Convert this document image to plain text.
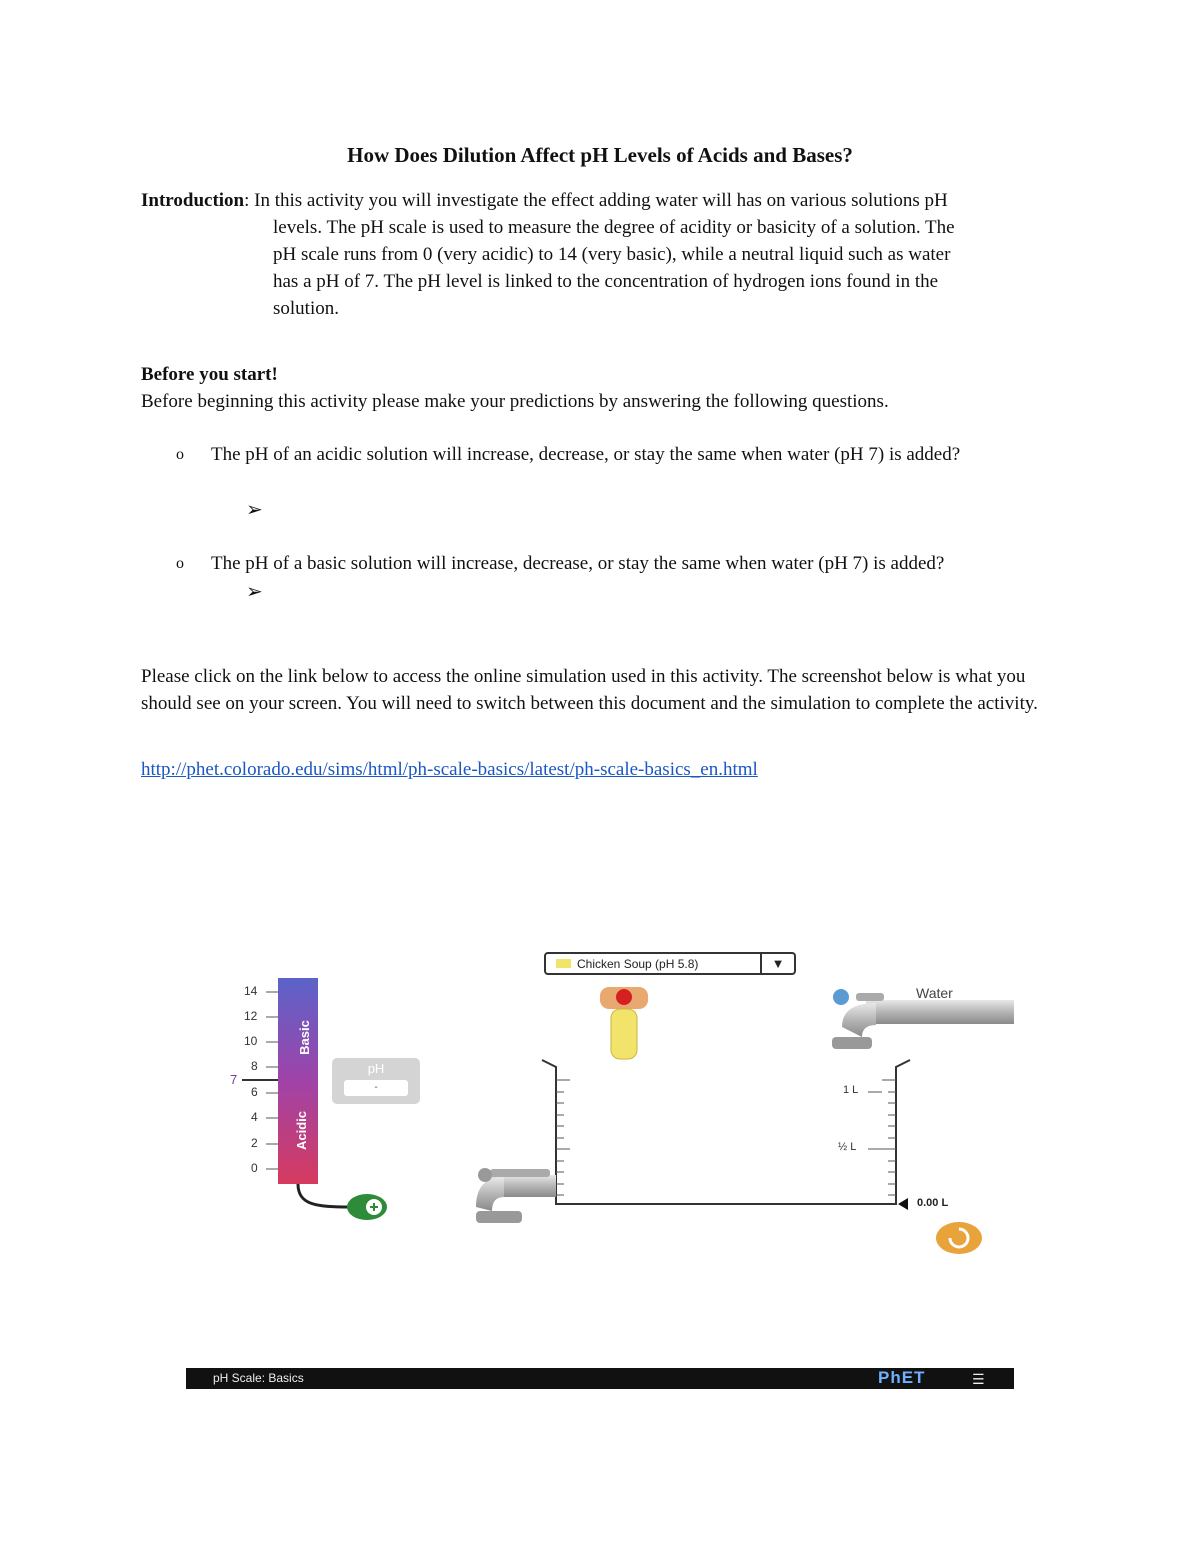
How Does Dilution Affect pH Levels of Acids and Bases?
Introduction: In this activity you will investigate the effect adding water will has on various solutions pH
levels. The pH scale is used to measure the degree of acidity or basicity of a solution. The
pH scale runs from 0 (very acidic) to 14 (very basic), while a neutral liquid such as water
has a pH of 7. The pH level is linked to the concentration of hydrogen ions found in the
solution.
Before you start!
Before beginning this activity please make your predictions by answering the following questions.
o The pH of an acidic solution will increase, decrease, or stay the same when water (pH 7) is added?
➢
o The pH of a basic solution will increase, decrease, or stay the same when water (pH 7) is added?
➢
Please click on the link below to access the online simulation used in this activity. The screenshot below is what you should see on your screen. You will need to switch between this document and the simulation to complete the activity.
http://phet.colorado.edu/sims/html/ph-scale-basics/latest/ph-scale-basics_en.html
Chicken Soup (pH 5.8)	▼
pH
-
14
12
10
8
6
4
2
0
7
Basic
Acidic
Water
1 L
½ L
0.00 L
pH Scale: Basics	PhET	☰
